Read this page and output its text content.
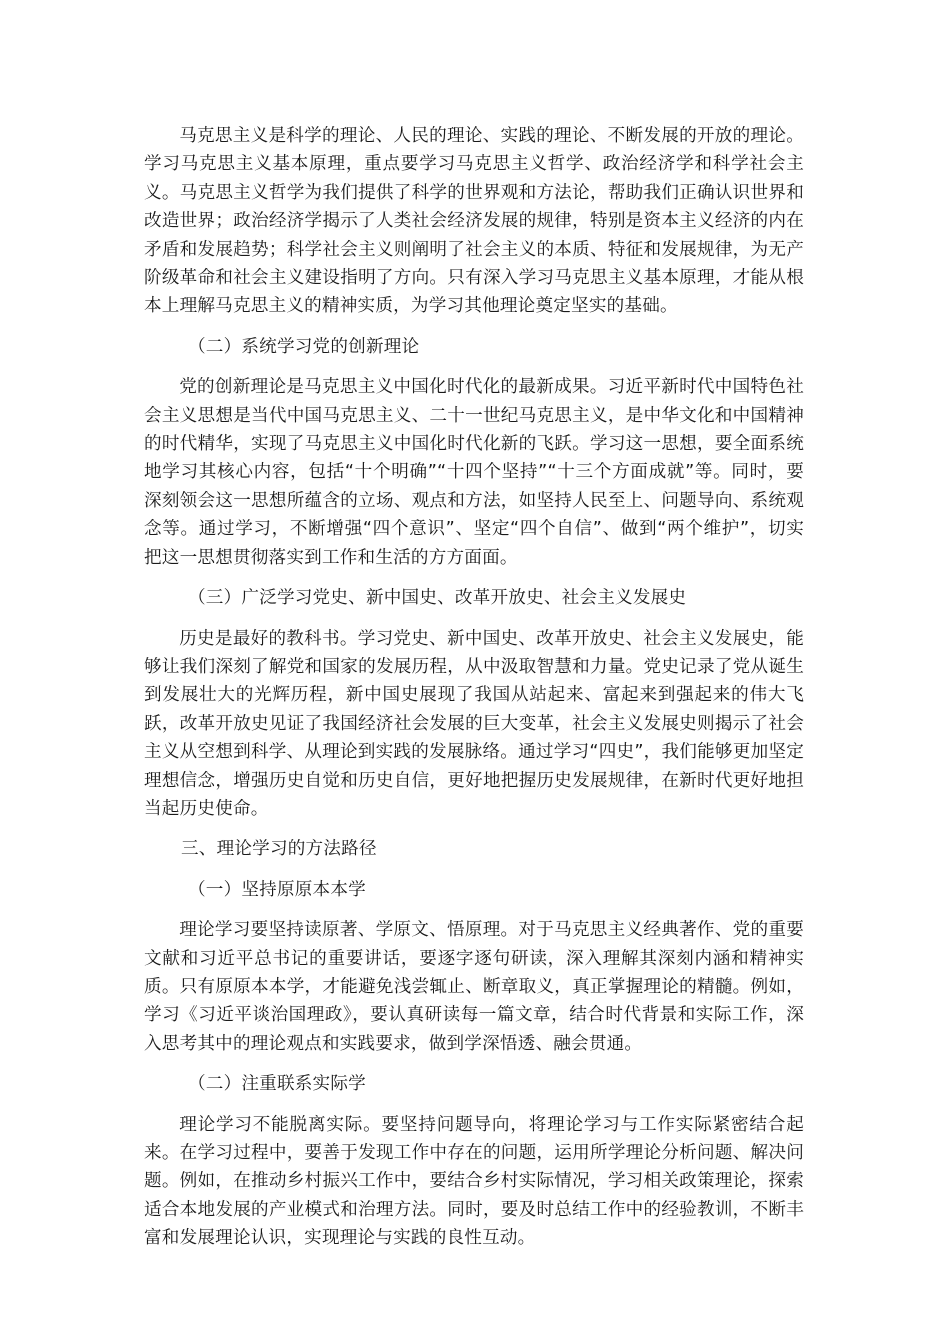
马克思主义是科学的理论、人民的理论、实践的理论、不断发展的开放的理论。学习马克思主义基本原理，重点要学习马克思主义哲学、政治经济学和科学社会主义。马克思主义哲学为我们提供了科学的世界观和方法论，帮助我们正确认识世界和改造世界；政治经济学揭示了人类社会经济发展的规律，特别是资本主义经济的内在矛盾和发展趋势；科学社会主义则阐明了社会主义的本质、特征和发展规律，为无产阶级革命和社会主义建设指明了方向。只有深入学习马克思主义基本原理，才能从根本上理解马克思主义的精神实质，为学习其他理论奠定坚实的基础。

（二）系统学习党的创新理论

党的创新理论是马克思主义中国化时代化的最新成果。习近平新时代中国特色社会主义思想是当代中国马克思主义、二十一世纪马克思主义，是中华文化和中国精神的时代精华，实现了马克思主义中国化时代化新的飞跃。学习这一思想，要全面系统地学习其核心内容，包括“十个明确”“十四个坚持”“十三个方面成就”等。同时，要深刻领会这一思想所蕴含的立场、观点和方法，如坚持人民至上、问题导向、系统观念等。通过学习，不断增强“四个意识”、坚定“四个自信”、做到“两个维护”，切实把这一思想贯彻落实到工作和生活的方方面面。

（三）广泛学习党史、新中国史、改革开放史、社会主义发展史

历史是最好的教科书。学习党史、新中国史、改革开放史、社会主义发展史，能够让我们深刻了解党和国家的发展历程，从中汲取智慧和力量。党史记录了党从诞生到发展壮大的光辉历程，新中国史展现了我国从站起来、富起来到强起来的伟大飞跃，改革开放史见证了我国经济社会发展的巨大变革，社会主义发展史则揭示了社会主义从空想到科学、从理论到实践的发展脉络。通过学习“四史”，我们能够更加坚定理想信念，增强历史自觉和历史自信，更好地把握历史发展规律，在新时代更好地担当起历史使命。

三、理论学习的方法路径

（一）坚持原原本本学

理论学习要坚持读原著、学原文、悟原理。对于马克思主义经典著作、党的重要文献和习近平总书记的重要讲话，要逐字逐句研读，深入理解其深刻内涵和精神实质。只有原原本本学，才能避免浅尝辄止、断章取义，真正掌握理论的精髓。例如，学习《习近平谈治国理政》，要认真研读每一篇文章，结合时代背景和实际工作，深入思考其中的理论观点和实践要求，做到学深悟透、融会贯通。

（二）注重联系实际学

理论学习不能脱离实际。要坚持问题导向，将理论学习与工作实际紧密结合起来。在学习过程中，要善于发现工作中存在的问题，运用所学理论分析问题、解决问题。例如，在推动乡村振兴工作中，要结合乡村实际情况，学习相关政策理论，探索适合本地发展的产业模式和治理方法。同时，要及时总结工作中的经验教训，不断丰富和发展理论认识，实现理论与实践的良性互动。
